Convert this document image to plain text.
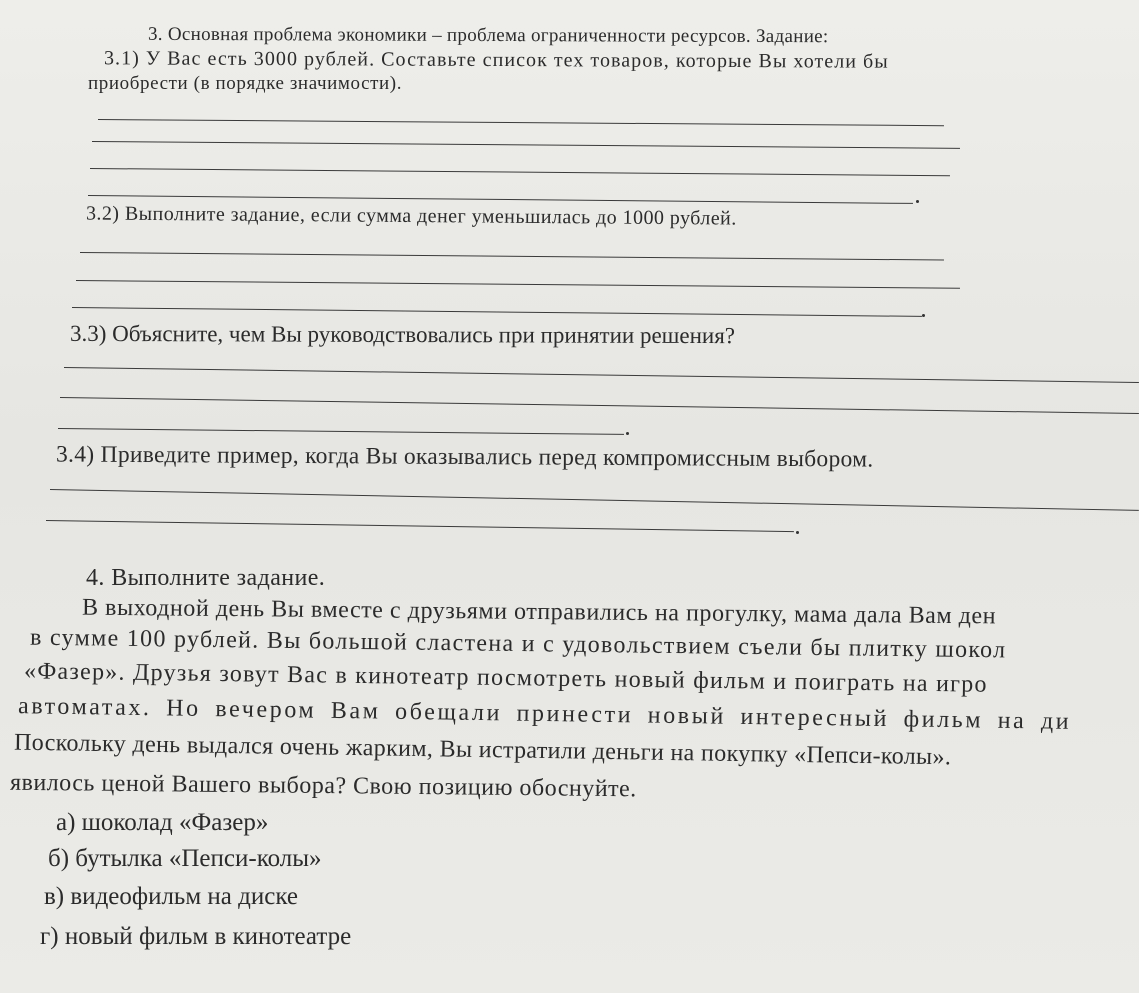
3. Основная проблема экономики – проблема ограниченности ресурсов. Задание:
3.1) У Вас есть 3000 рублей. Составьте список тех товаров, которые Вы хотели бы
приобрести (в порядке значимости).
3.2) Выполните задание, если сумма денег уменьшилась до 1000 рублей.
3.3) Объясните, чем Вы руководствовались при принятии решения?
3.4) Приведите пример, когда Вы оказывались перед компромиссным выбором.
4. Выполните задание.
В выходной день Вы вместе с друзьями отправились на прогулку, мама дала Вам ден
в сумме 100 рублей. Вы большой сластена и с удовольствием съели бы плитку шокол
«Фазер». Друзья зовут Вас в кинотеатр посмотреть новый фильм и поиграть на игро
автоматах. Но вечером Вам обещали принести новый интересный фильм на ди
Поскольку день выдался очень жарким, Вы истратили деньги на покупку «Пепси-колы».
явилось ценой Вашего выбора? Свою позицию обоснуйте.
а) шоколад «Фазер»
б) бутылка «Пепси-колы»
в) видеофильм на диске
г) новый фильм в кинотеатре
